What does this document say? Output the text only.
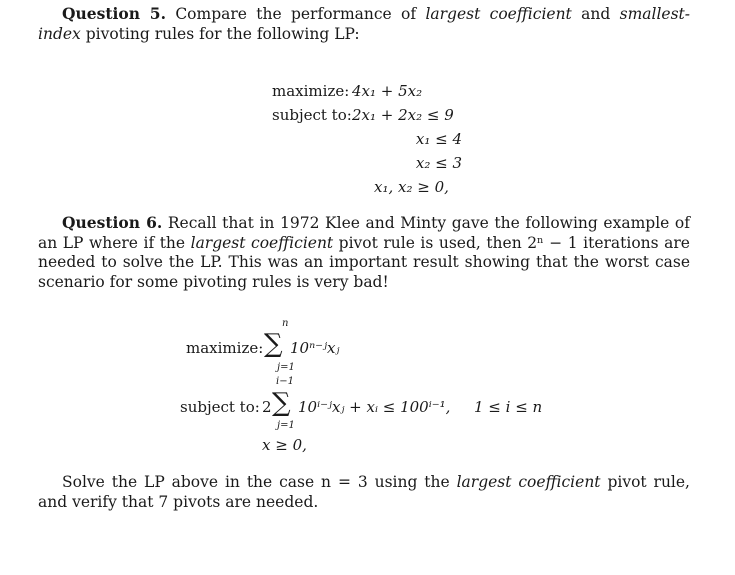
Question 5. Compare the performance of largest coefficient and smallest-index pivoting rules for the following LP:
maximize: 4x₁ + 5x₂
subject to: 2x₁ + 2x₂ ≤ 9
x₁ ≤ 4
x₂ ≤ 3
x₁, x₂ ≥ 0,
Question 6. Recall that in 1972 Klee and Minty gave the following example of an LP where if the largest coefficient pivot rule is used, then 2ⁿ − 1 iterations are needed to solve the LP. This was an important result showing that the worst case scenario for some pivoting rules is very bad!
maximize:
n
∑
j=1
10ⁿ⁻ʲxⱼ
subject to: 2
i−1
∑
j=1
10ⁱ⁻ʲxⱼ + xᵢ ≤ 100ⁱ⁻¹, 1 ≤ i ≤ n
x ≥ 0,
Solve the LP above in the case n = 3 using the largest coefficient pivot rule, and verify that 7 pivots are needed.
